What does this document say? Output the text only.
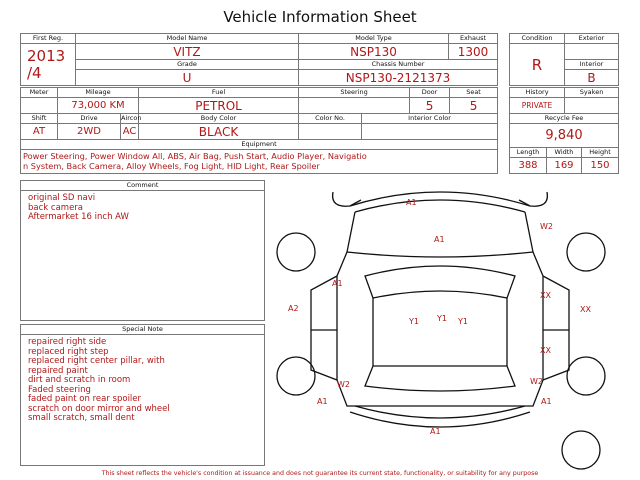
Vehicle Information Sheet
First Reg.	Model Name	Model Type	Exhaust

2013
/4	VITZ	NSP130	1300
	Grade	Chassis Number	
	U	NSP130-2121373	
Condition	Exterior
R	
	Interior
	B
Meter	Mileage		Fuel	Steering		Door	Seat
	73,000 KM		PETROL			5	5
Shift	Drive	Aircon	Body Color	Color No.	Interior Color		
AT	2WD	AC	BLACK				
Equipment							

Power Steering, Power Window All, ABS, Air Bag, Push Start, Audio Player, Navigatio
n System, Back Camera, Alloy Wheels, Fog Light, HID Light, Rear Spoiler							
History		Syaken	
PRIVATE			
Recycle Fee			
9,840			
Length	Width		Height
388	169		150
Comment
original SD navi
back camera
Aftermarket 16 inch AW
Special Note
repaired right side
replaced right step
replaced right center pillar, with
repaired paint
dirt and scratch in room
Faded steering
faded paint on rear spoiler
scratch on door mirror and wheel
small scratch, small dent
A1
W2
A1
A1
A2
XX
XX
Y1 Y1 Y1
XX
W2	W2
A1	A1
A1
This sheet reflects the vehicle's condition at issuance and does not guarantee its current state, functionality, or suitability for any purpose
